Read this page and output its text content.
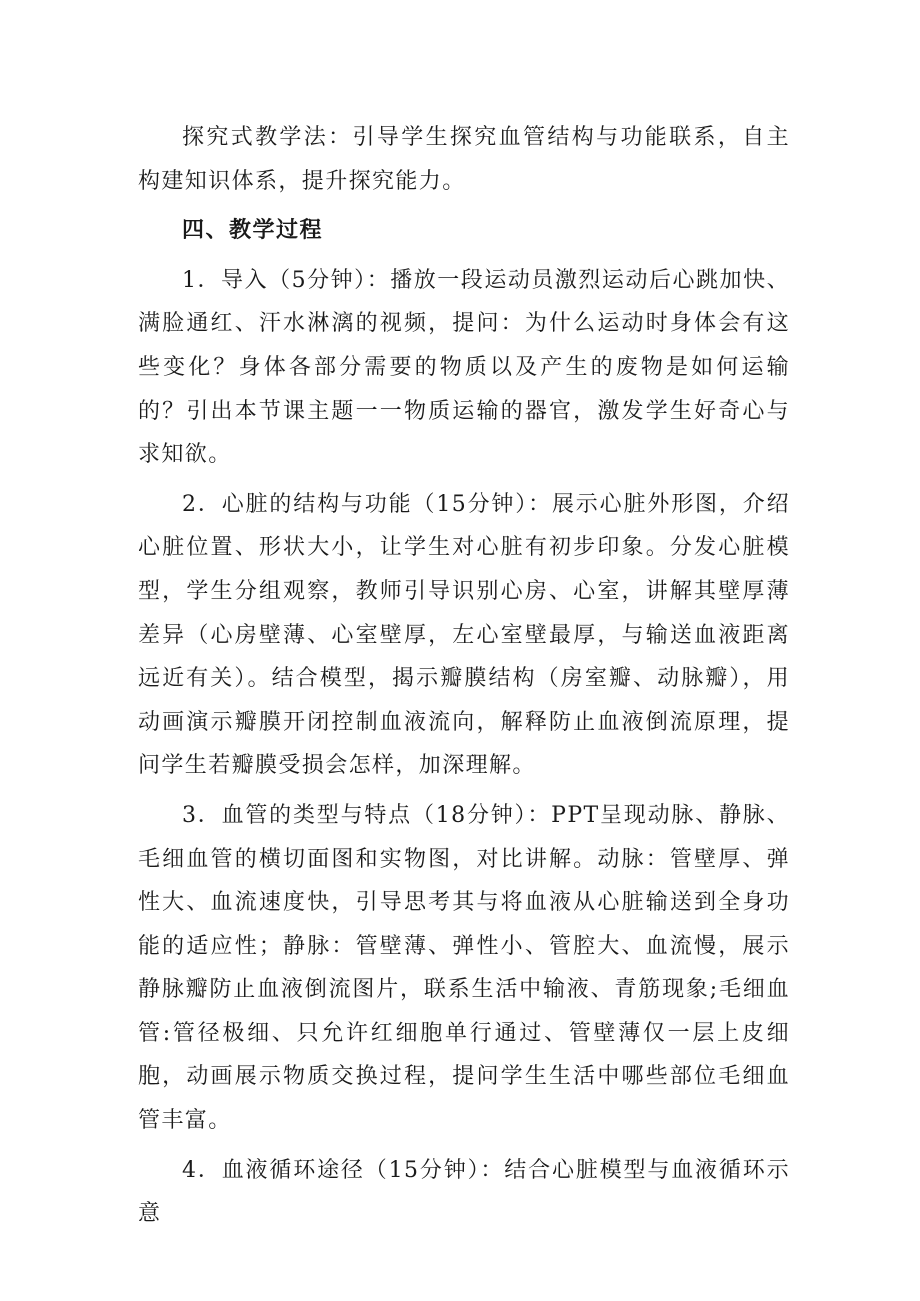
探究式教学法：引导学生探究血管结构与功能联系，自主构建知识体系，提升探究能力。

四、教学过程

1．导入（5分钟）：播放一段运动员激烈运动后心跳加快、满脸通红、汗水淋漓的视频，提问：为什么运动时身体会有这些变化？身体各部分需要的物质以及产生的废物是如何运输的？引出本节课主题一一物质运输的器官，激发学生好奇心与求知欲。

2．心脏的结构与功能（15分钟）：展示心脏外形图，介绍心脏位置、形状大小，让学生对心脏有初步印象。分发心脏模型，学生分组观察，教师引导识别心房、心室，讲解其壁厚薄差异（心房壁薄、心室壁厚，左心室壁最厚，与输送血液距离远近有关）。结合模型，揭示瓣膜结构（房室瓣、动脉瓣），用动画演示瓣膜开闭控制血液流向，解释防止血液倒流原理，提问学生若瓣膜受损会怎样，加深理解。

3．血管的类型与特点（18分钟）：PPT呈现动脉、静脉、毛细血管的横切面图和实物图，对比讲解。动脉：管壁厚、弹性大、血流速度快，引导思考其与将血液从心脏输送到全身功能的适应性；静脉：管壁薄、弹性小、管腔大、血流慢，展示静脉瓣防止血液倒流图片，联系生活中输液、青筋现象;毛细血管:管径极细、只允许红细胞单行通过、管壁薄仅一层上皮细胞，动画展示物质交换过程，提问学生生活中哪些部位毛细血管丰富。

4．血液循环途径（15分钟）：结合心脏模型与血液循环示意
